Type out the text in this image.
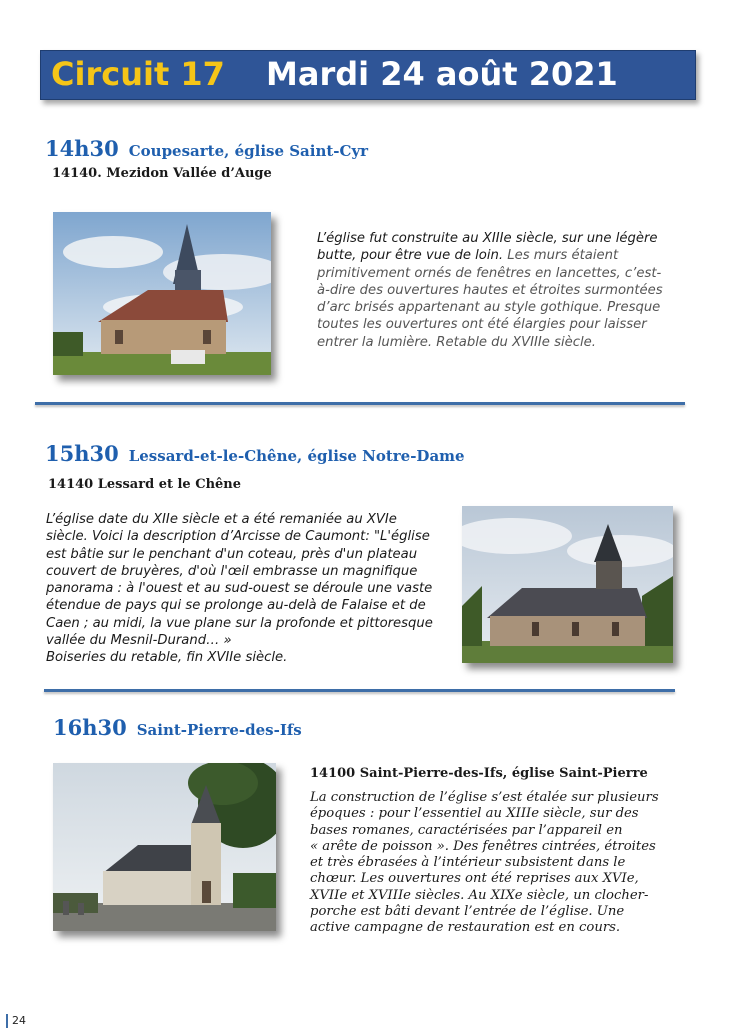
Circuit 17 Mardi 24 août 2021
14h30 Coupesarte, église Saint-Cyr
14140. Mezidon Vallée d’Auge
L’église fut construite au XIIIe siècle, sur une légère
butte, pour être vue de loin. Les murs étaient
primitivement ornés de fenêtres en lancettes, c’est-
à-dire des ouvertures hautes et étroites surmontées
d’arc brisés appartenant au style gothique. Presque
toutes les ouvertures ont été élargies pour laisser
entrer la lumière. Retable du XVIIIe siècle.
15h30 Lessard-et-le-Chêne, église Notre-Dame
14140 Lessard et le Chêne
L’église date du XIIe siècle et a été remaniée au XVIe
siècle. Voici la description d’Arcisse de Caumont: "L'église
est bâtie sur le penchant d'un coteau, près d'un plateau
couvert de bruyères, d'où l'œil embrasse un magnifique
panorama : à l'ouest et au sud-ouest se déroule une vaste
étendue de pays qui se prolonge au-delà de Falaise et de
Caen ; au midi, la vue plane sur la profonde et pittoresque
vallée du Mesnil-Durand… »
Boiseries du retable, fin XVIIe siècle.
16h30 Saint-Pierre-des-Ifs
14100 Saint-Pierre-des-Ifs, église Saint-Pierre
La construction de l’église s’est étalée sur plusieurs
époques : pour l’essentiel au XIIIe siècle, sur des
bases romanes, caractérisées par l’appareil en
« arête de poisson ». Des fenêtres cintrées, étroites
et très ébrasées à l’intérieur subsistent dans le
chœur. Les ouvertures ont été reprises aux XVIe,
XVIIe et XVIIIe siècles. Au XIXe siècle, un clocher-
porche est bâti devant l’entrée de l’église. Une
active campagne de restauration est en cours.
24
